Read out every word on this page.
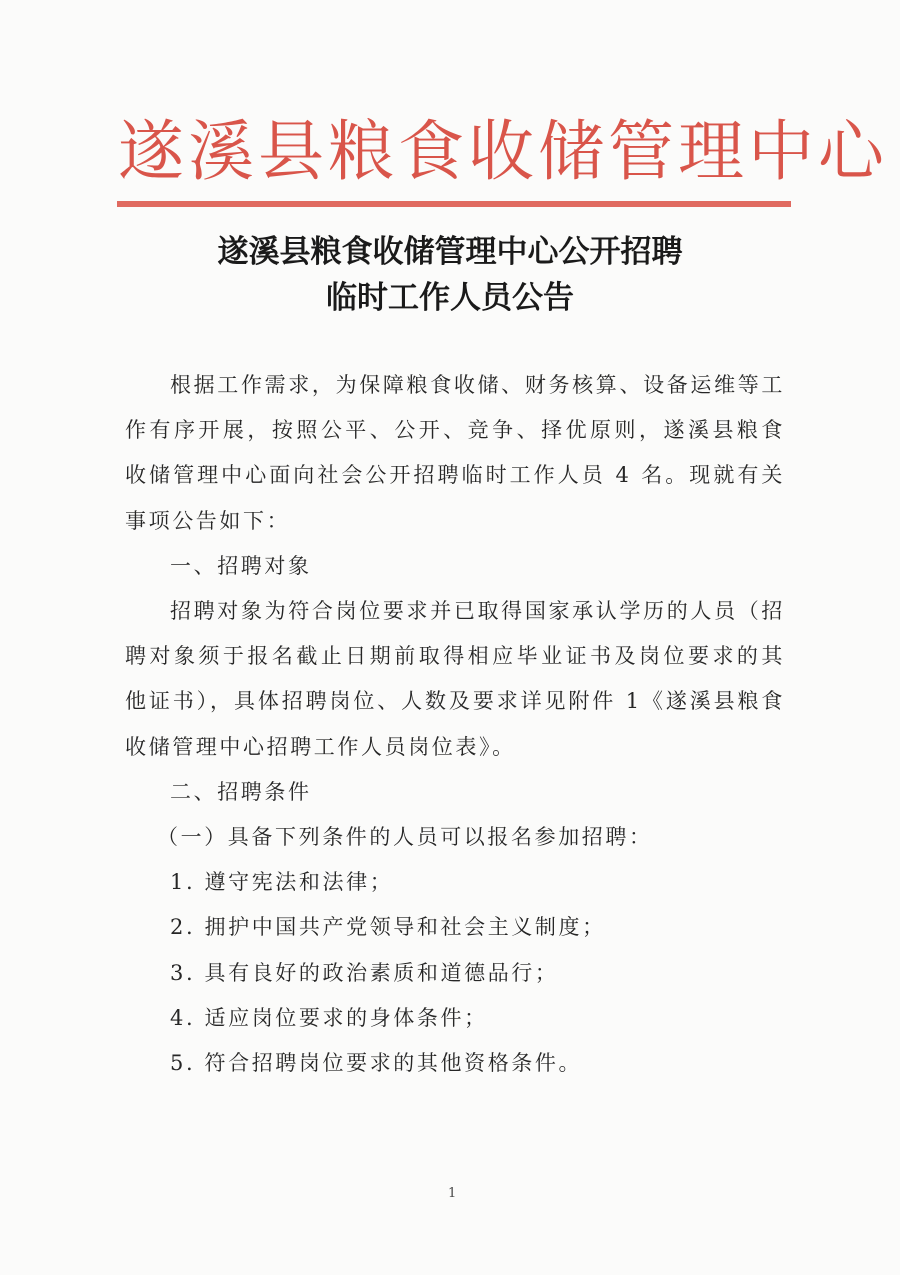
遂溪县粮食收储管理中心
遂溪县粮食收储管理中心公开招聘
临时工作人员公告

根据工作需求，为保障粮食收储、财务核算、设备运维等工作有序开展，按照公平、公开、竞争、择优原则，遂溪县粮食收储管理中心面向社会公开招聘临时工作人员 4 名。现就有关事项公告如下：

一、招聘对象

招聘对象为符合岗位要求并已取得国家承认学历的人员（招聘对象须于报名截止日期前取得相应毕业证书及岗位要求的其他证书），具体招聘岗位、人数及要求详见附件 1《遂溪县粮食收储管理中心招聘工作人员岗位表》。

二、招聘条件

（一）具备下列条件的人员可以报名参加招聘：

1. 遵守宪法和法律；

2. 拥护中国共产党领导和社会主义制度；

3. 具有良好的政治素质和道德品行；

4. 适应岗位要求的身体条件；

5. 符合招聘岗位要求的其他资格条件。

1
